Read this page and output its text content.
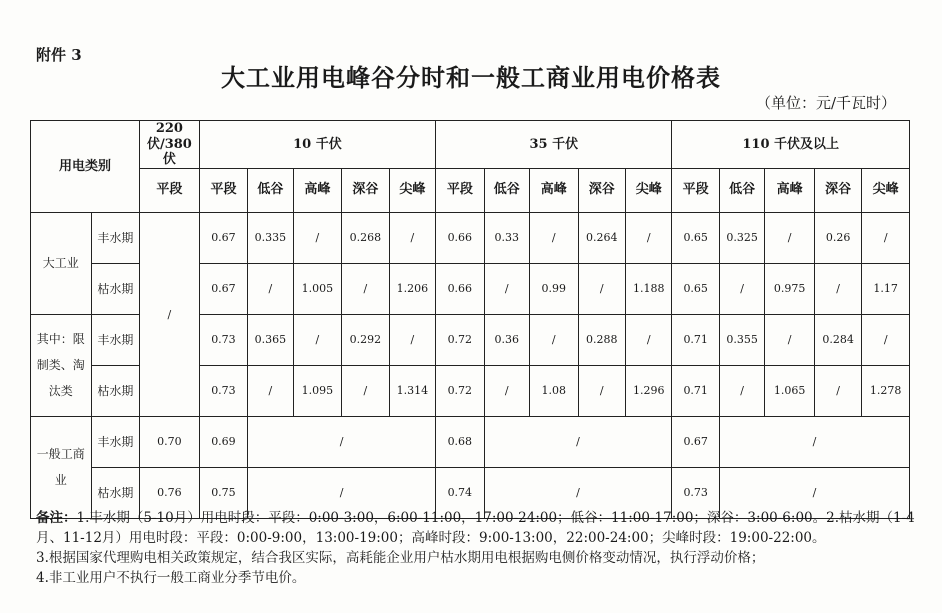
附件 3
大工业用电峰谷分时和一般工商业用电价格表
（单位：元/千瓦时）
用电类别		220 伏/380 伏	10 千伏					35 千伏					110 千伏及以上				
		平段	平段	低谷	高峰	深谷	尖峰	平段	低谷	高峰	深谷	尖峰	平段	低谷	高峰	深谷	尖峰
大工业	丰水期	/	0.67	0.335	/	0.268	/	0.66	0.33	/	0.264	/	0.65	0.325	/	0.26	/
	枯水期		0.67	/	1.005	/	1.206	0.66	/	0.99	/	1.188	0.65	/	0.975	/	1.17
其中：限制类、淘汰类	丰水期		0.73	0.365	/	0.292	/	0.72	0.36	/	0.288	/	0.71	0.355	/	0.284	/
	枯水期		0.73	/	1.095	/	1.314	0.72	/	1.08	/	1.296	0.71	/	1.065	/	1.278
一般工商业	丰水期	0.70	0.69	/				0.68	/				0.67	/			
	枯水期	0.76	0.75	/				0.74	/				0.73	/			

备注：1.丰水期（5-10月）用电时段：平段：0:00-3:00，6:00-11:00，17:00-24:00；低谷：11:00-17:00；深谷：3:00-6:00。2.枯水期（1-4月、11-12月）用电时段：平段：0:00-9:00，13:00-19:00；高峰时段：9:00-13:00，22:00-24:00；尖峰时段：19:00-22:00。

3.根据国家代理购电相关政策规定，结合我区实际，高耗能企业用户枯水期用电根据购电侧价格变动情况，执行浮动价格；

4.非工业用户不执行一般工商业分季节电价。
